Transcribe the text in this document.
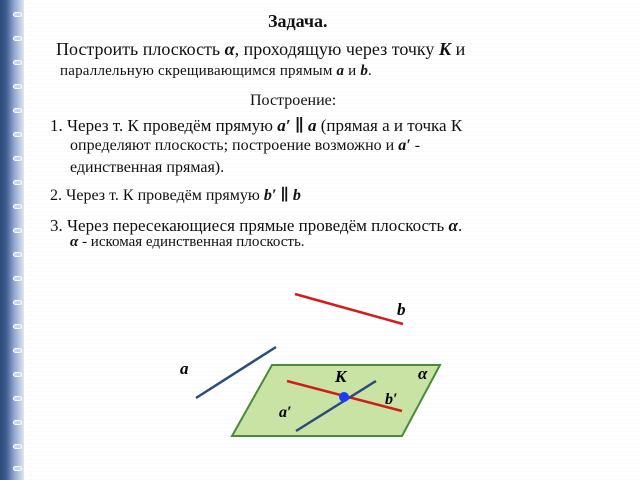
Задача.
Построить плоскость α, проходящую через точку К и
параллельную скрещивающимся прямым a и b.
Построение:
1. Через т. К проведём прямую a′ ∥ a (прямая а и точка К
определяют плоскость; построение возможно и a′ -
единственная прямая).
2. Через т. К проведём прямую b′ ∥ b
3. Через пересекающиеся прямые проведём плоскость α.
α - искомая единственная плоскость.
b
a	К	α
a′
b′
